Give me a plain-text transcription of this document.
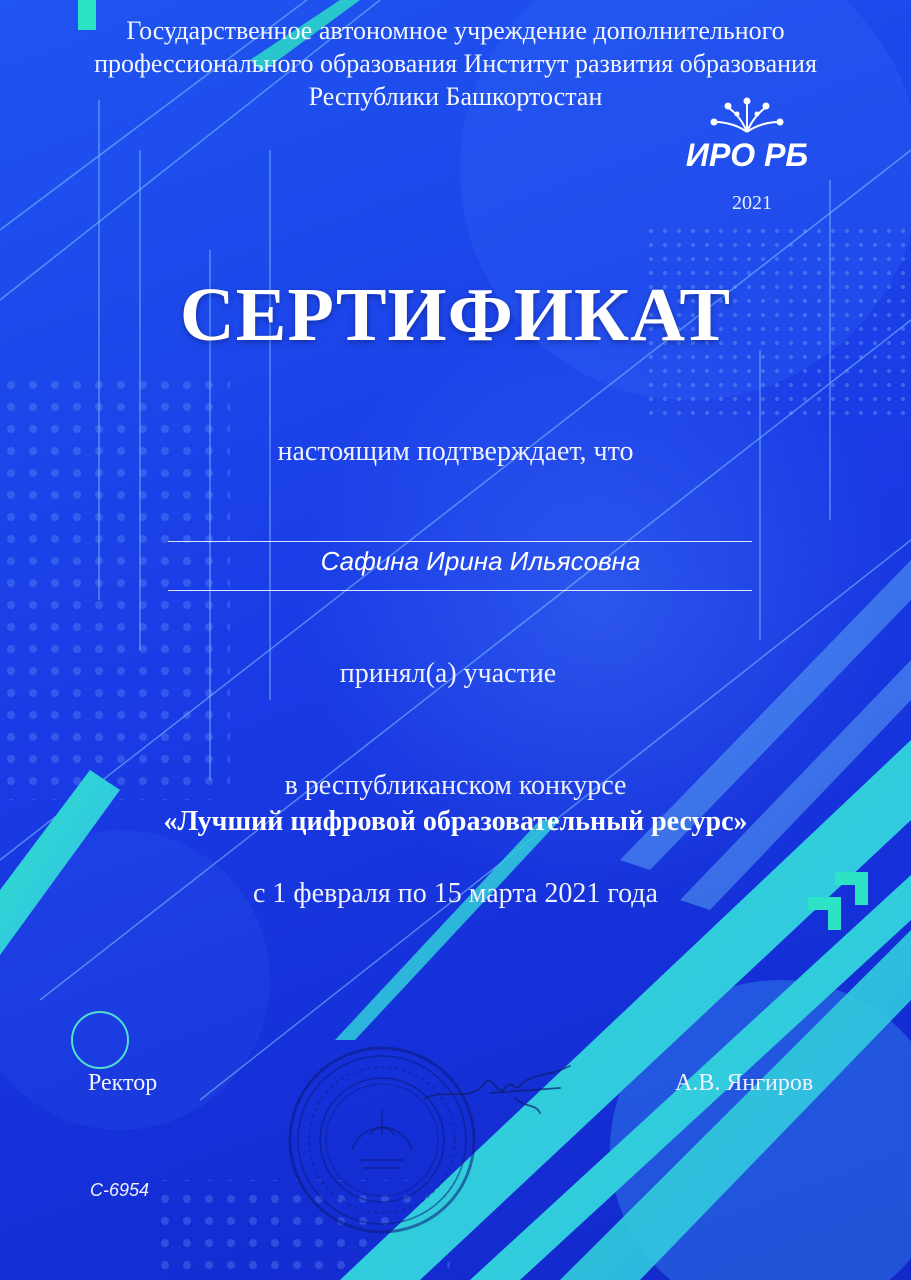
Государственное автономное учреждение дополнительного
профессионального образования Институт развития образования
Республики Башкортостан
ИРО РБ
2021
СЕРТИФИКАТ
настоящим подтверждает, что
Сафина Ирина Ильясовна
принял(а) участие
в республиканском конкурсе
«Лучший цифровой образовательный ресурс»
с 1 февраля по 15 марта 2021 года
Ректор	А.В. Янгиров
С-6954
